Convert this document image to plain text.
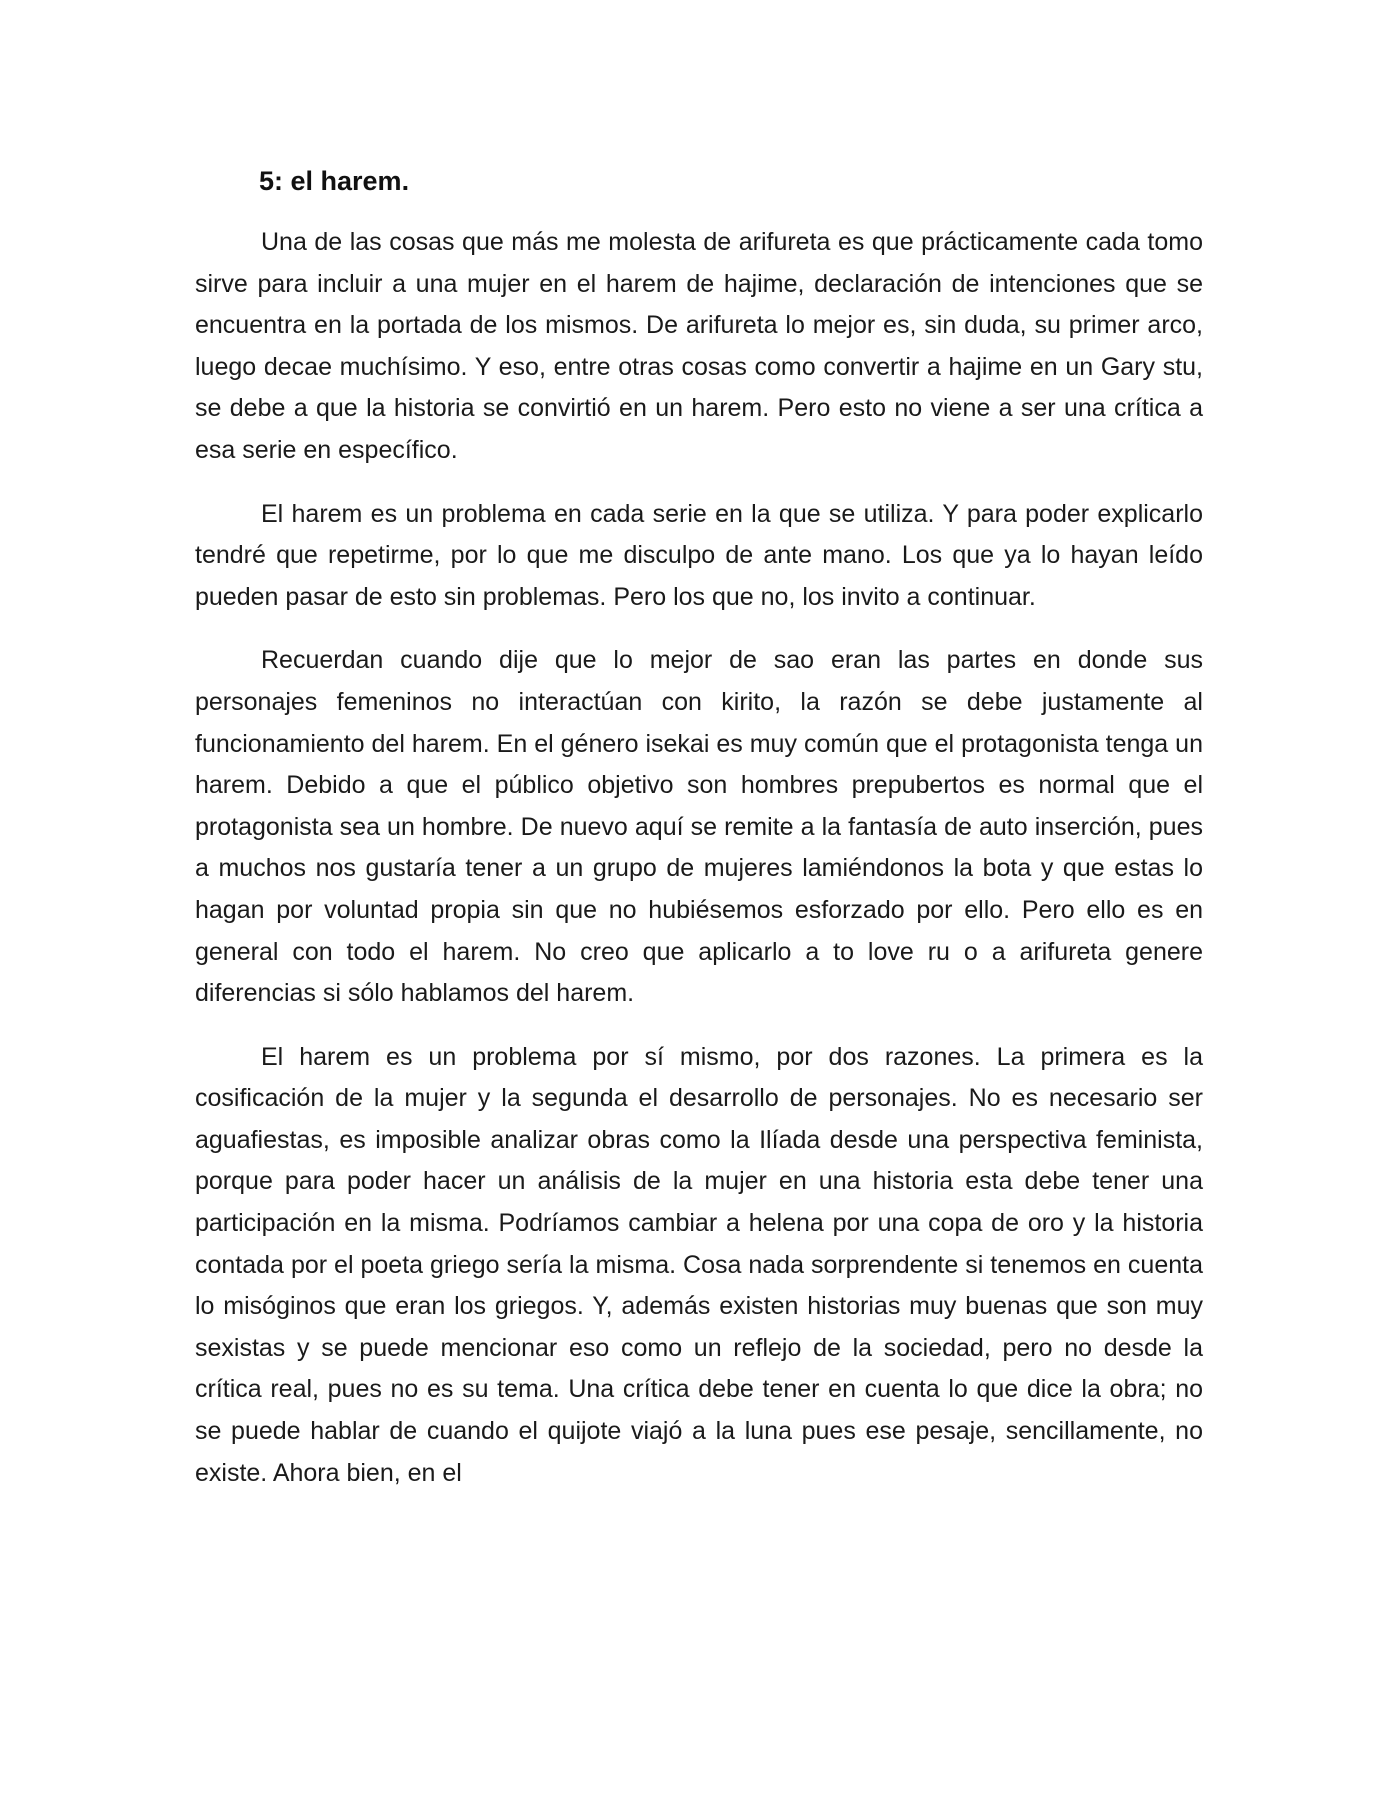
5: el harem.

Una de las cosas que más me molesta de arifureta es que prácticamente cada tomo sirve para incluir a una mujer en el harem de hajime, declaración de intenciones que se encuentra en la portada de los mismos. De arifureta lo mejor es, sin duda, su primer arco, luego decae muchísimo. Y eso, entre otras cosas como convertir a hajime en un Gary stu, se debe a que la historia se convirtió en un harem. Pero esto no viene a ser una crítica a esa serie en específico.

El harem es un problema en cada serie en la que se utiliza. Y para poder explicarlo tendré que repetirme, por lo que me disculpo de ante mano. Los que ya lo hayan leído pueden pasar de esto sin problemas. Pero los que no, los invito a continuar.

Recuerdan cuando dije que lo mejor de sao eran las partes en donde sus personajes femeninos no interactúan con kirito, la razón se debe justamente al funcionamiento del harem. En el género isekai es muy común que el protagonista tenga un harem. Debido a que el público objetivo son hombres prepubertos es normal que el protagonista sea un hombre. De nuevo aquí se remite a la fantasía de auto inserción, pues a muchos nos gustaría tener a un grupo de mujeres lamiéndonos la bota y que estas lo hagan por voluntad propia sin que no hubiésemos esforzado por ello. Pero ello es en general con todo el harem. No creo que aplicarlo a to love ru o a arifureta genere diferencias si sólo hablamos del harem.

El harem es un problema por sí mismo, por dos razones. La primera es la cosificación de la mujer y la segunda el desarrollo de personajes. No es necesario ser aguafiestas, es imposible analizar obras como la Ilíada desde una perspectiva feminista, porque para poder hacer un análisis de la mujer en una historia esta debe tener una participación en la misma. Podríamos cambiar a helena por una copa de oro y la historia contada por el poeta griego sería la misma. Cosa nada sorprendente si tenemos en cuenta lo misóginos que eran los griegos. Y, además existen historias muy buenas que son muy sexistas y se puede mencionar eso como un reflejo de la sociedad, pero no desde la crítica real, pues no es su tema. Una crítica debe tener en cuenta lo que dice la obra; no se puede hablar de cuando el quijote viajó a la luna pues ese pesaje, sencillamente, no existe. Ahora bien, en el
